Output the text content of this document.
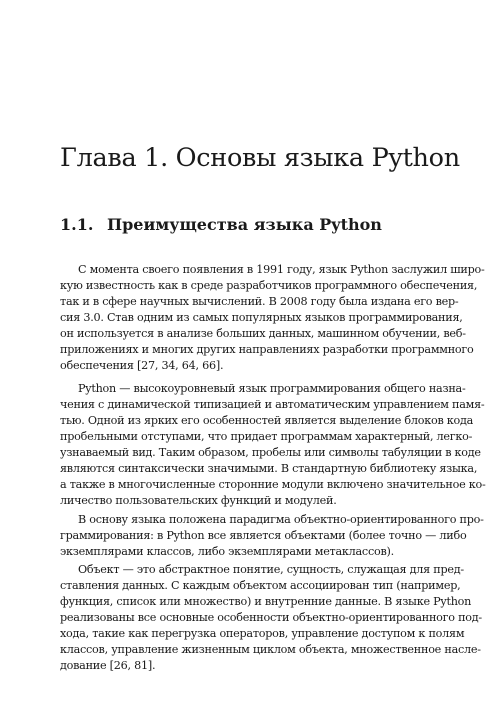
Глава 1. Основы языка Python
1.1. Преимущества языка Python
С момента своего появления в 1991 году, язык Python заслужил широ-
кую известность как в среде разработчиков программного обеспечения,
так и в сфере научных вычислений. В 2008 году была издана его вер-
сия 3.0. Став одним из самых популярных языков программирования,
он используется в анализе больших данных, машинном обучении, веб-
приложениях и многих других направлениях разработки программного
обеспечения [27, 34, 64, 66].
Python — высокоуровневый язык программирования общего назна-
чения с динамической типизацией и автоматическим управлением памя-
тью. Одной из ярких его особенностей является выделение блоков кода
пробельными отступами, что придает программам характерный, легко-
узнаваемый вид. Таким образом, пробелы или символы табуляции в коде
являются синтаксически значимыми. В стандартную библиотеку языка,
а также в многочисленные сторонние модули включено значительное ко-
личество пользовательских функций и модулей.
В основу языка положена парадигма объектно-ориентированного про-
граммирования: в Python все является объектами (более точно — либо
экземплярами классов, либо экземплярами метаклассов).
Объект — это абстрактное понятие, сущность, служащая для пред-
ставления данных. С каждым объектом ассоциирован тип (например,
функция, список или множество) и внутренние данные. В языке Python
реализованы все основные особенности объектно-ориентированного под-
хода, такие как перегрузка операторов, управление доступом к полям
классов, управление жизненным циклом объекта, множественное насле-
дование [26, 81].
